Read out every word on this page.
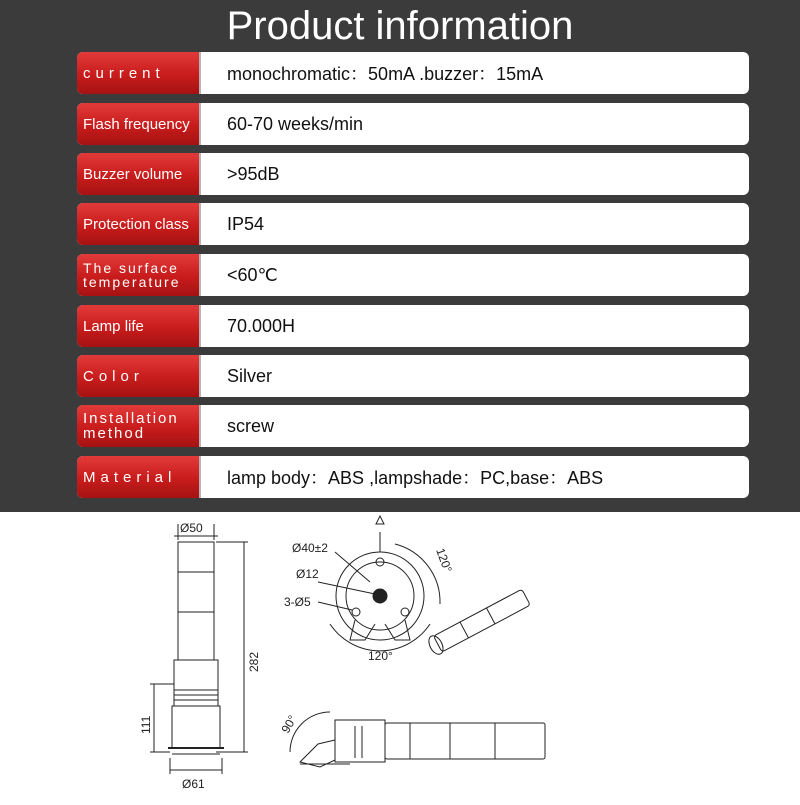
Product information
current	monochromatic：50mA .buzzer：15mA
Flash frequency	60-70 weeks/min
Buzzer volume	>95dB
Protection class	IP54
The surface temperature	<60℃
Lamp life	70.000H
Color	Silver
Installation method	screw
Material	lamp body：ABS ,lampshade：PC,base：ABS
Ø50
Ø61
282
111
Ø40±2
Ø12
3-Ø5
120°
120°
90°
